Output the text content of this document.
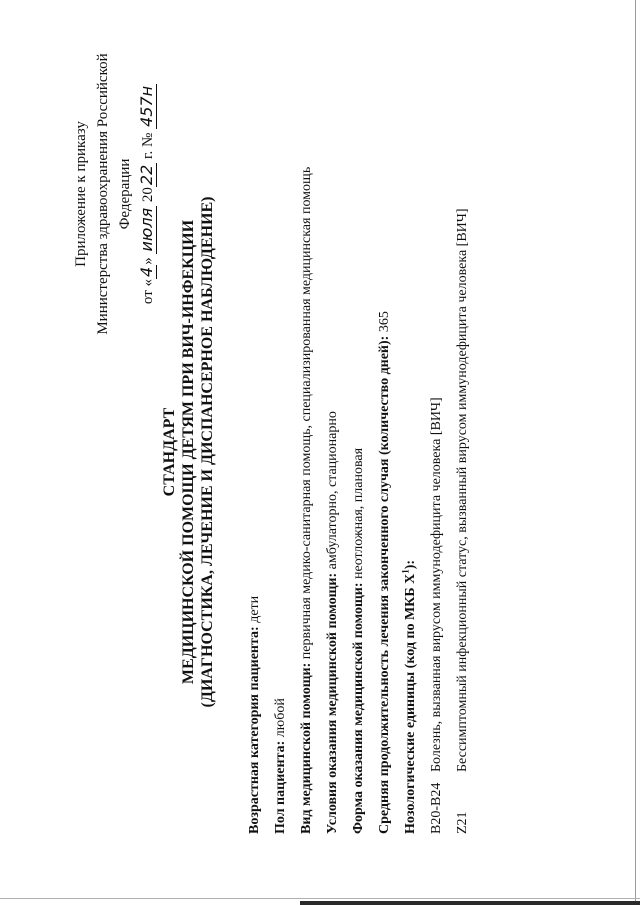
Приложение к приказу Министерства здравоохранения Российской Федерации
от «4» июля 2022 г. № 457н
СТАНДАРТ МЕДИЦИНСКОЙ ПОМОЩИ ДЕТЯМ ПРИ ВИЧ-ИНФЕКЦИИ (ДИАГНОСТИКА, ЛЕЧЕНИЕ И ДИСПАНСЕРНОЕ НАБЛЮДЕНИЕ)
Возрастная категория пациента: дети
Пол пациента: любой Вид медицинской помощи: первичная медико-санитарная помощь, специализированная медицинская помощь
Условия оказания медицинской помощи: амбулаторно, стационарно
Форма оказания медицинской помощи: неотложная, плановая Средняя продолжительность лечения законченного случая (количество дней): 365
Нозологические единицы (код по МКБ $X^1$):
B20-B24
Болезнь, вызванная вирусом иммунодефицита человека [ВИЧ]
Z21
Бессимптомный инфекционный статус, вызванный вирусом иммунодефицита человека [ВИЧ]
